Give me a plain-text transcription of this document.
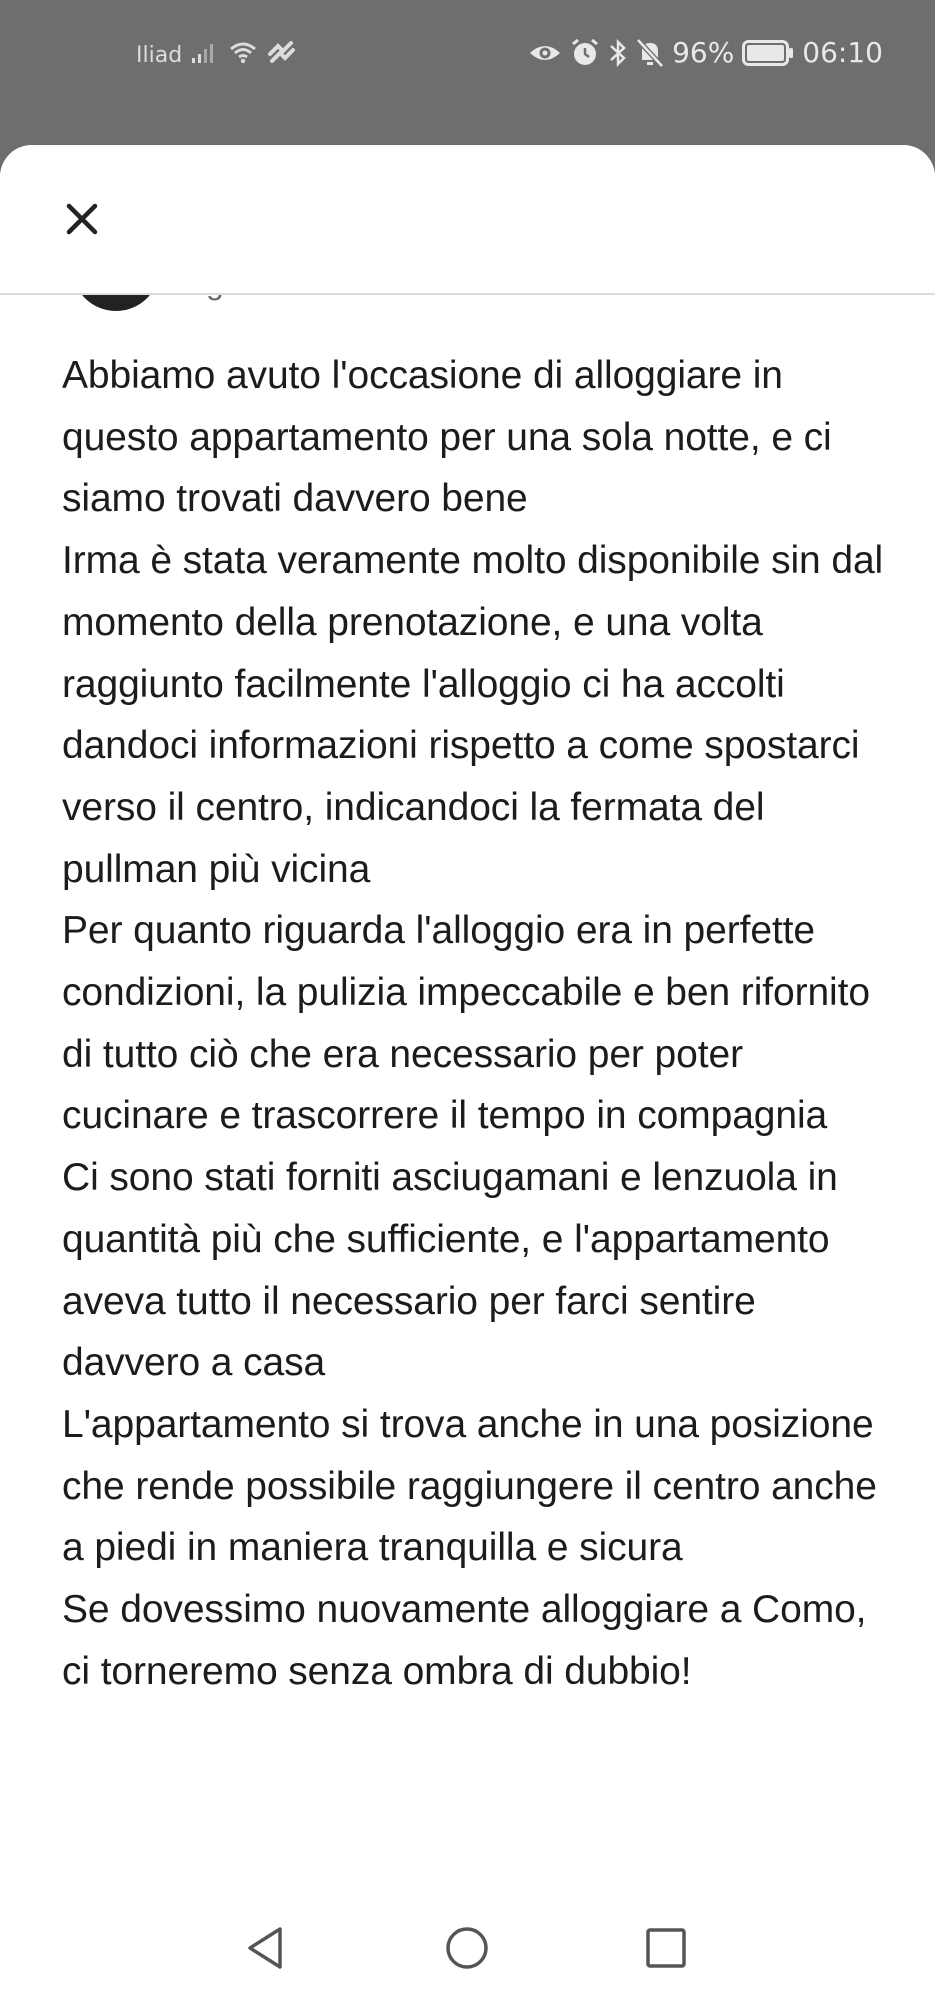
Iliad	96% 06:10

Abbiamo avuto l'occasione di alloggiare in questo appartamento per una sola notte, e ci siamo trovati davvero bene
Irma è stata veramente molto disponibile sin dal momento della prenotazione, e una volta raggiunto facilmente l'alloggio ci ha accolti dandoci informazioni rispetto a come spostarci verso il centro, indicandoci la fermata del pullman più vicina
Per quanto riguarda l'alloggio era in perfette condizioni, la pulizia impeccabile e ben rifornito di tutto ciò che era necessario per poter cucinare e trascorrere il tempo in compagnia
Ci sono stati forniti asciugamani e lenzuola in quantità più che sufficiente, e l'appartamento aveva tutto il necessario per farci sentire davvero a casa
L'appartamento si trova anche in una posizione che rende possibile raggiungere il centro anche a piedi in maniera tranquilla e sicura
Se dovessimo nuovamente alloggiare a Como, ci torneremo senza ombra di dubbio!
